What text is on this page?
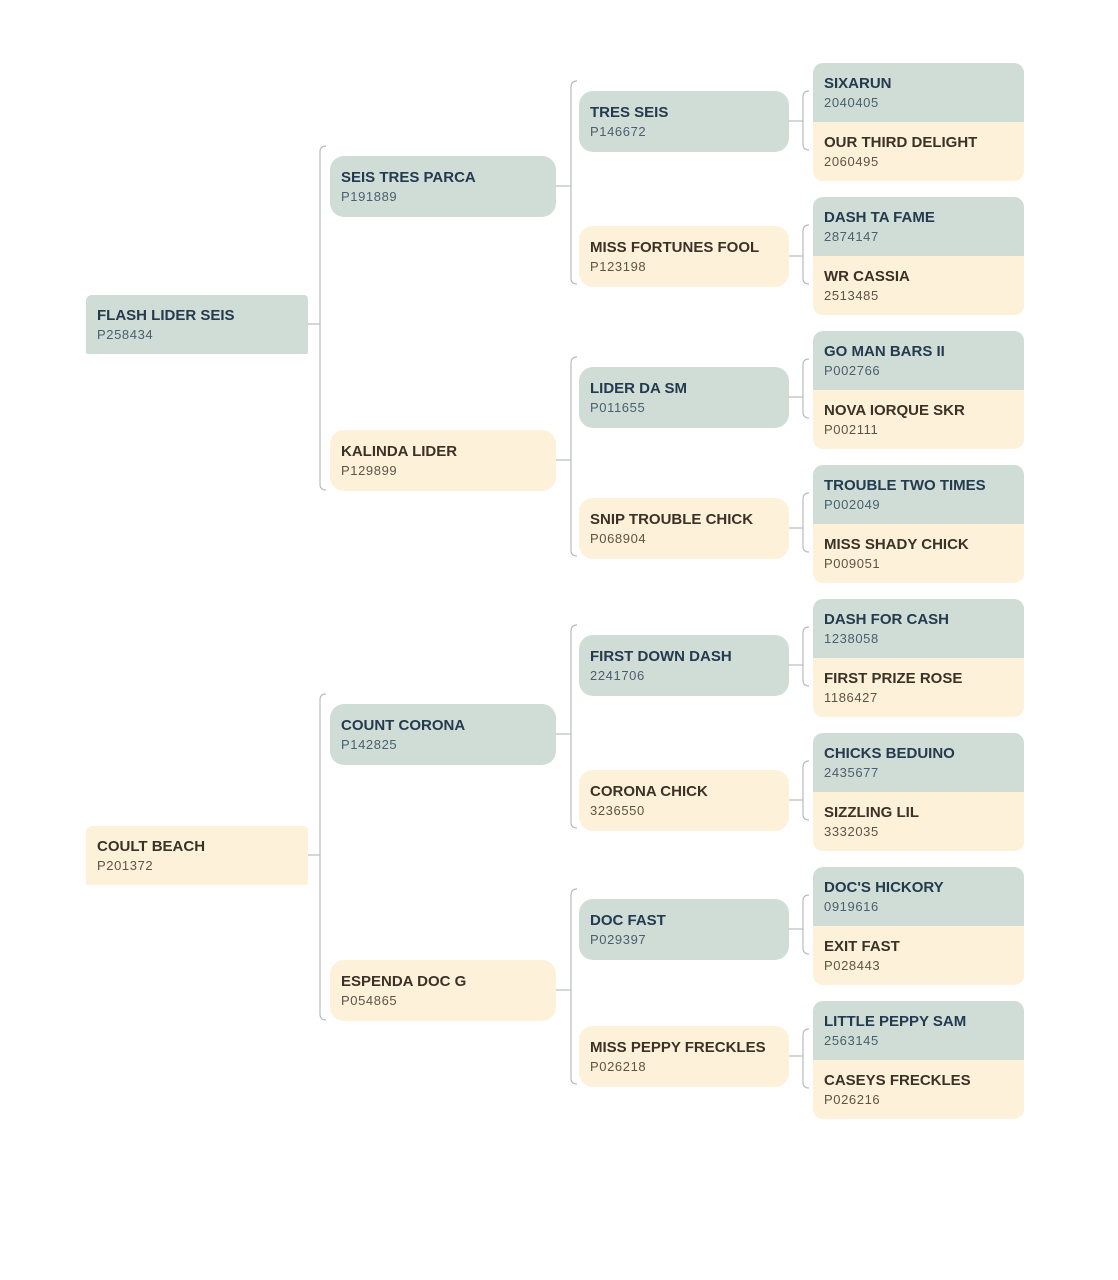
FLASH LIDER SEIS
P258434
SEIS TRES PARCA
P191889
TRES SEIS
P146672
SIXARUN
2040405
OUR THIRD DELIGHT
2060495
MISS FORTUNES FOOL
P123198
DASH TA FAME
2874147
WR CASSIA
2513485
KALINDA LIDER
P129899
LIDER DA SM
P011655
GO MAN BARS II
P002766
NOVA IORQUE SKR
P002111
SNIP TROUBLE CHICK
P068904
TROUBLE TWO TIMES
P002049
MISS SHADY CHICK
P009051
COULT BEACH
P201372
COUNT CORONA
P142825
FIRST DOWN DASH
2241706
DASH FOR CASH
1238058
FIRST PRIZE ROSE
1186427
CORONA CHICK
3236550
CHICKS BEDUINO
2435677
SIZZLING LIL
3332035
ESPENDA DOC G
P054865
DOC FAST
P029397
DOC'S HICKORY
0919616
EXIT FAST
P028443
MISS PEPPY FRECKLES
P026218
LITTLE PEPPY SAM
2563145
CASEYS FRECKLES
P026216
